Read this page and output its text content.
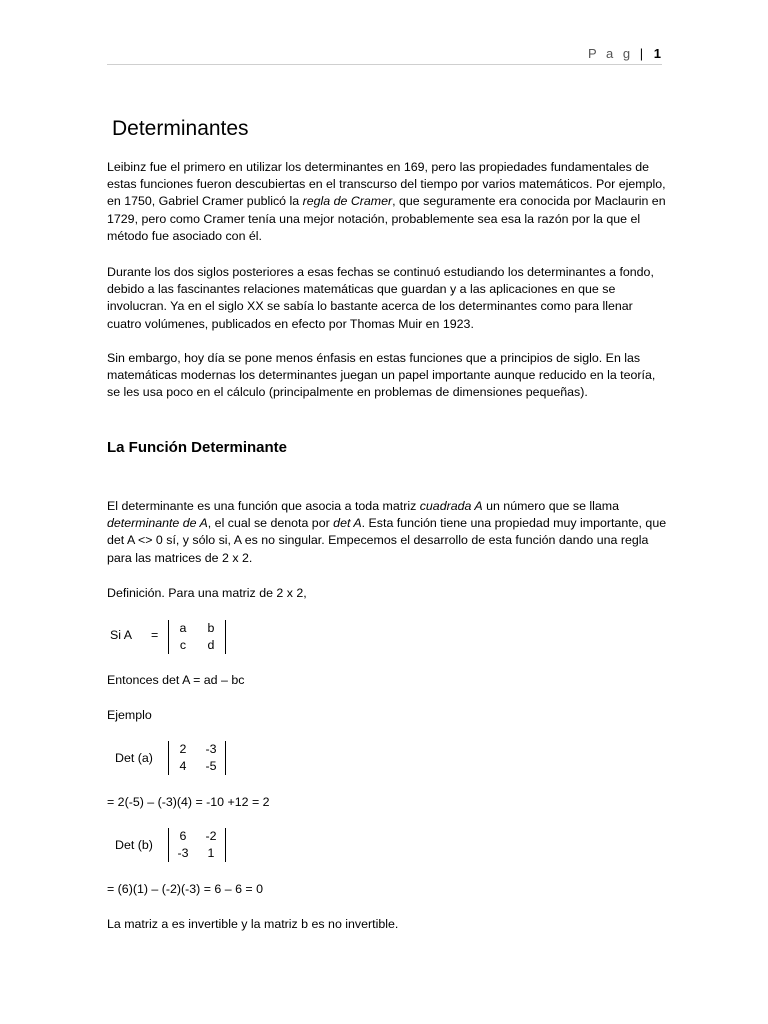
P a g | 1
Determinantes

Leibinz fue el primero en utilizar los determinantes en 169, pero las propiedades fundamentales de estas funciones fueron descubiertas en el transcurso del tiempo por varios matemáticos. Por ejemplo, en 1750, Gabriel Cramer publicó la regla de Cramer, que seguramente era conocida por Maclaurin en 1729, pero como Cramer tenía una mejor notación, probablemente sea esa la razón por la que el método fue asociado con él.

Durante los dos siglos posteriores a esas fechas se continuó estudiando los determinantes a fondo, debido a las fascinantes relaciones matemáticas que guardan y a las aplicaciones en que se involucran. Ya en el siglo XX se sabía lo bastante acerca de los determinantes como para llenar cuatro volúmenes, publicados en efecto por Thomas Muir en 1923.

Sin embargo, hoy día se pone menos énfasis en estas funciones que a principios de siglo. En las matemáticas modernas los determinantes juegan un papel importante aunque reducido en la teoría, se les usa poco en el cálculo (principalmente en problemas de dimensiones pequeñas).

La Función Determinante

El determinante es una función que asocia a toda matriz cuadrada A un número que se llama determinante de A, el cual se denota por det A. Esta función tiene una propiedad muy importante, que det A <> 0 sí, y sólo si, A es no singular. Empecemos el desarrollo de esta función dando una regla para las matrices de 2 x 2.

Definición. Para una matriz de 2 x 2,

Si A =	a	b
c	d

Entonces det A = ad – bc

Ejemplo

Det (a)
2	-3
4	-5

= 2(-5) – (-3)(4) = -10 +12 = 2

Det (b)
6	-2
-3	1

= (6)(1) – (-2)(-3) = 6 – 6 = 0

La matriz a es invertible y la matriz b es no invertible.
